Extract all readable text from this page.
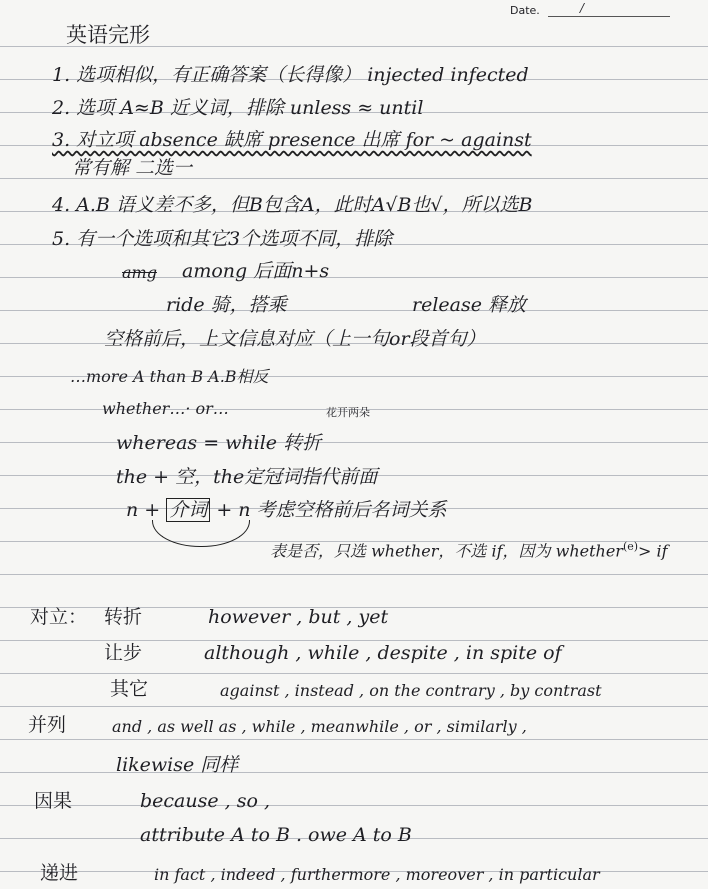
Date.	/
英语完形
1. 选项相似，有正确答案（长得像） injected infected
2. 选项 A≈B 近义词，排除 unless ≈ until
3. 对立项 absence 缺席 presence 出席 for ~ against
常有解 二选一
4. A.B 语义差不多，但B包含A，此时A√B也√，所以选B
5. 有一个选项和其它3个选项不同，排除
amg among 后面n+s
ride 骑，搭乘	release 释放
空格前后，上文信息对应（上一句or段首句）
…more A than B A.B相反
whether…· or…	花开两朵
whereas = while 转折
the + 空，the定冠词指代前面
n + 介词 + n 考虑空格前后名词关系
表是否，只选 whether，不选 if，因为 whether$^{(e)}$> if
对立： 转折	however , but , yet
让步	although , while , despite , in spite of
其它	against , instead , on the contrary , by contrast
并列	and , as well as , while , meanwhile , or , similarly ,
likewise 同样
因果	because , so ,
attribute A to B . owe A to B
递进	in fact , indeed , furthermore , moreover , in particular
